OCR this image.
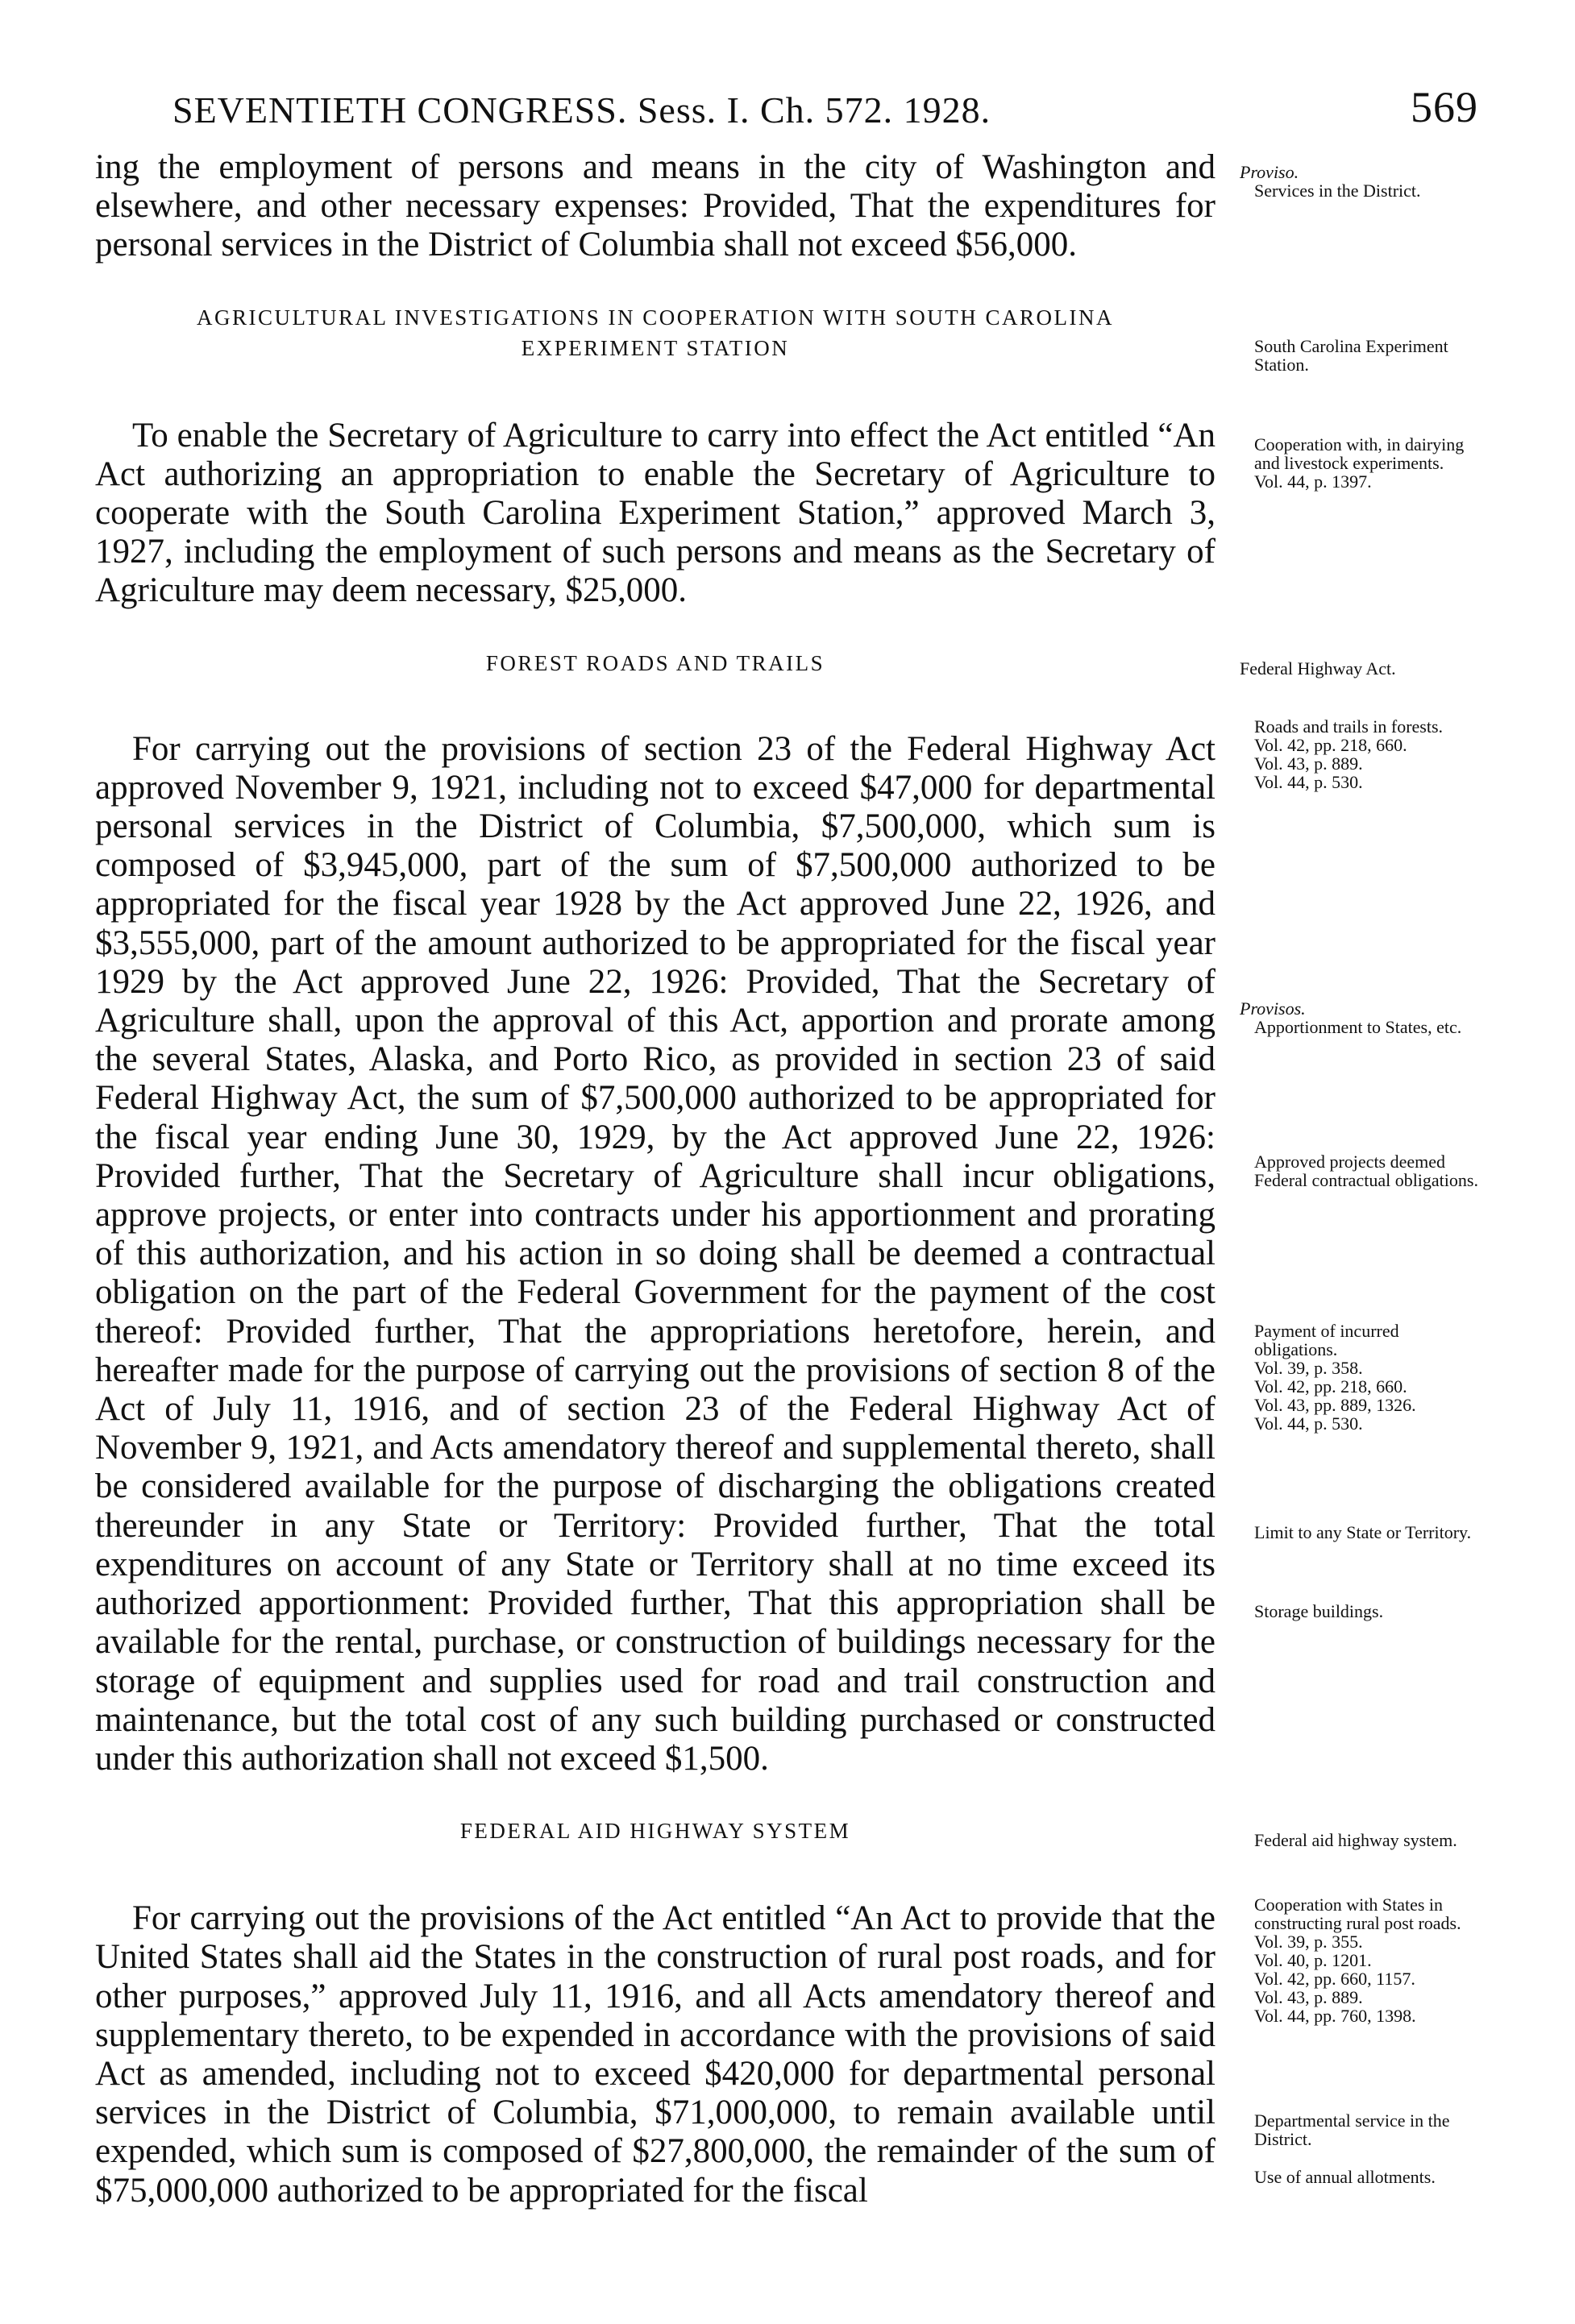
SEVENTIETH CONGRESS. Sess. I. Ch. 572. 1928.	569

ing the employment of persons and means in the city of Washington and elsewhere, and other necessary expenses: Provided, That the expenditures for personal services in the District of Columbia shall not exceed $56,000.

AGRICULTURAL INVESTIGATIONS IN COOPERATION WITH SOUTH CAROLINA
EXPERIMENT STATION

To enable the Secretary of Agriculture to carry into effect the Act entitled “An Act authorizing an appropriation to enable the Secretary of Agriculture to cooperate with the South Carolina Experiment Station,” approved March 3, 1927, including the employment of such persons and means as the Secretary of Agriculture may deem necessary, $25,000.

FOREST ROADS AND TRAILS

For carrying out the provisions of section 23 of the Federal Highway Act approved November 9, 1921, including not to exceed $47,000 for departmental personal services in the District of Columbia, $7,500,000, which sum is composed of $3,945,000, part of the sum of $7,500,000 authorized to be appropriated for the fiscal year 1928 by the Act approved June 22, 1926, and $3,555,000, part of the amount authorized to be appropriated for the fiscal year 1929 by the Act approved June 22, 1926: Provided, That the Secretary of Agriculture shall, upon the approval of this Act, apportion and prorate among the several States, Alaska, and Porto Rico, as provided in section 23 of said Federal Highway Act, the sum of $7,500,000 authorized to be appropriated for the fiscal year ending June 30, 1929, by the Act approved June 22, 1926: Provided further, That the Secretary of Agriculture shall incur obligations, approve projects, or enter into contracts under his apportionment and prorating of this authorization, and his action in so doing shall be deemed a contractual obligation on the part of the Federal Government for the payment of the cost thereof: Provided further, That the appropriations heretofore, herein, and hereafter made for the purpose of carrying out the provisions of section 8 of the Act of July 11, 1916, and of section 23 of the Federal Highway Act of November 9, 1921, and Acts amendatory thereof and supplemental thereto, shall be considered available for the purpose of discharging the obligations created thereunder in any State or Territory: Provided further, That the total expenditures on account of any State or Territory shall at no time exceed its authorized apportionment: Provided further, That this appropriation shall be available for the rental, purchase, or construction of buildings necessary for the storage of equipment and supplies used for road and trail construction and maintenance, but the total cost of any such building purchased or constructed under this authorization shall not exceed $1,500.

FEDERAL AID HIGHWAY SYSTEM

For carrying out the provisions of the Act entitled “An Act to provide that the United States shall aid the States in the construction of rural post roads, and for other purposes,” approved July 11, 1916, and all Acts amendatory thereof and supplementary thereto, to be expended in accordance with the provisions of said Act as amended, including not to exceed $420,000 for departmental personal services in the District of Columbia, $71,000,000, to remain available until expended, which sum is composed of $27,800,000, the remainder of the sum of $75,000,000 authorized to be appropriated for the fiscal

Proviso.
Services in the District.
South Carolina Experiment Station.
Cooperation with, in dairying and livestock experiments.
Vol. 44, p. 1397.
Federal Highway Act.
Roads and trails in forests.
Vol. 42, pp. 218, 660.
Vol. 43, p. 889.
Vol. 44, p. 530.
Provisos.
Apportionment to States, etc.
Approved projects deemed Federal contractual obligations.
Payment of incurred obligations.
Vol. 39, p. 358.
Vol. 42, pp. 218, 660.
Vol. 43, pp. 889, 1326.
Vol. 44, p. 530.
Limit to any State or Territory.
Storage buildings.
Federal aid highway system.
Cooperation with States in constructing rural post roads.
Vol. 39, p. 355.
Vol. 40, p. 1201.
Vol. 42, pp. 660, 1157.
Vol. 43, p. 889.
Vol. 44, pp. 760, 1398.
Departmental service in the District.
Use of annual allotments.
